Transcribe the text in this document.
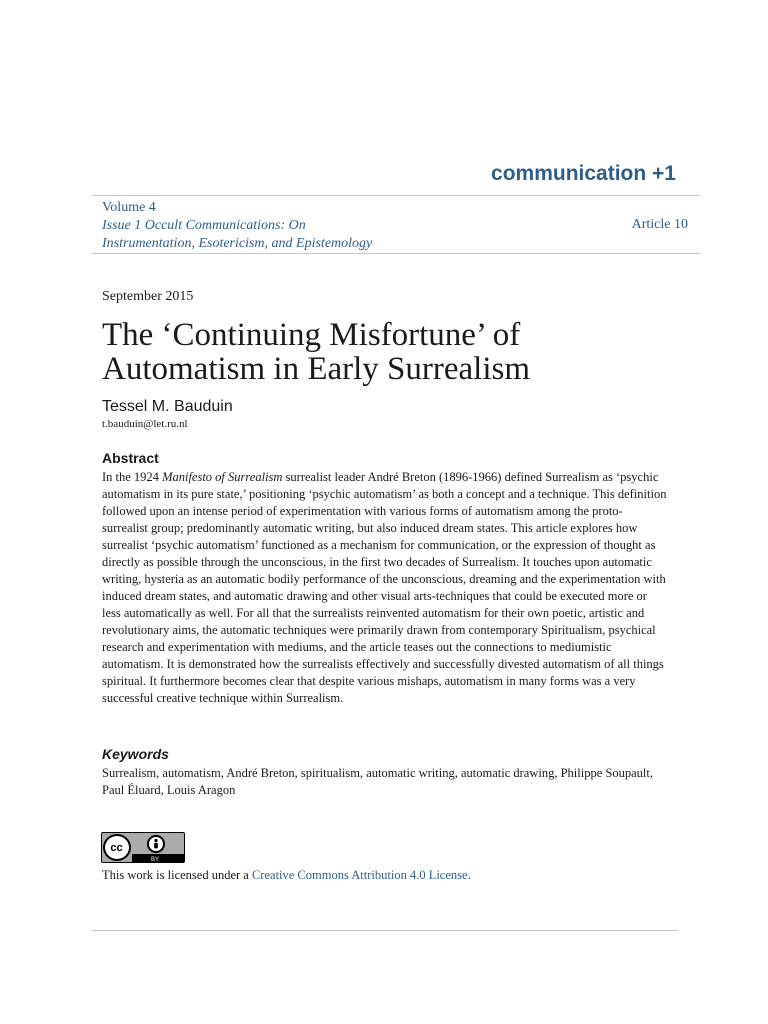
communication +1
Volume 4
Issue 1 Occult Communications: On
Instrumentation, Esotericism, and Epistemology
Article 10
September 2015
The ‘Continuing Misfortune’ of
Automatism in Early Surrealism
Tessel M. Bauduin
t.bauduin@let.ru.nl
Abstract

In the 1924 Manifesto of Surrealism surrealist leader André Breton (1896-1966) defined Surrealism as ‘psychic automatism in its pure state,’ positioning ‘psychic automatism’ as both a concept and a technique. This definition followed upon an intense period of experimentation with various forms of automatism among the proto-surrealist group; predominantly automatic writing, but also induced dream states. This article explores how surrealist ‘psychic automatism’ functioned as a mechanism for communication, or the expression of thought as directly as possible through the unconscious, in the first two decades of Surrealism. It touches upon automatic writing, hysteria as an automatic bodily performance of the unconscious, dreaming and the experimentation with induced dream states, and automatic drawing and other visual arts-techniques that could be executed more or less automatically as well. For all that the surrealists reinvented automatism for their own poetic, artistic and revolutionary aims, the automatic techniques were primarily drawn from contemporary Spiritualism, psychical research and experimentation with mediums, and the article teases out the connections to mediumistic automatism. It is demonstrated how the surrealists effectively and successfully divested automatism of all things spiritual. It furthermore becomes clear that despite various mishaps, automatism in many forms was a very successful creative technique within Surrealism.

Keywords

Surrealism, automatism, André Breton, spiritualism, automatic writing, automatic drawing, Philippe Soupault, Paul Éluard, Louis Aragon

cc
BY
This work is licensed under a Creative Commons Attribution 4.0 License.
